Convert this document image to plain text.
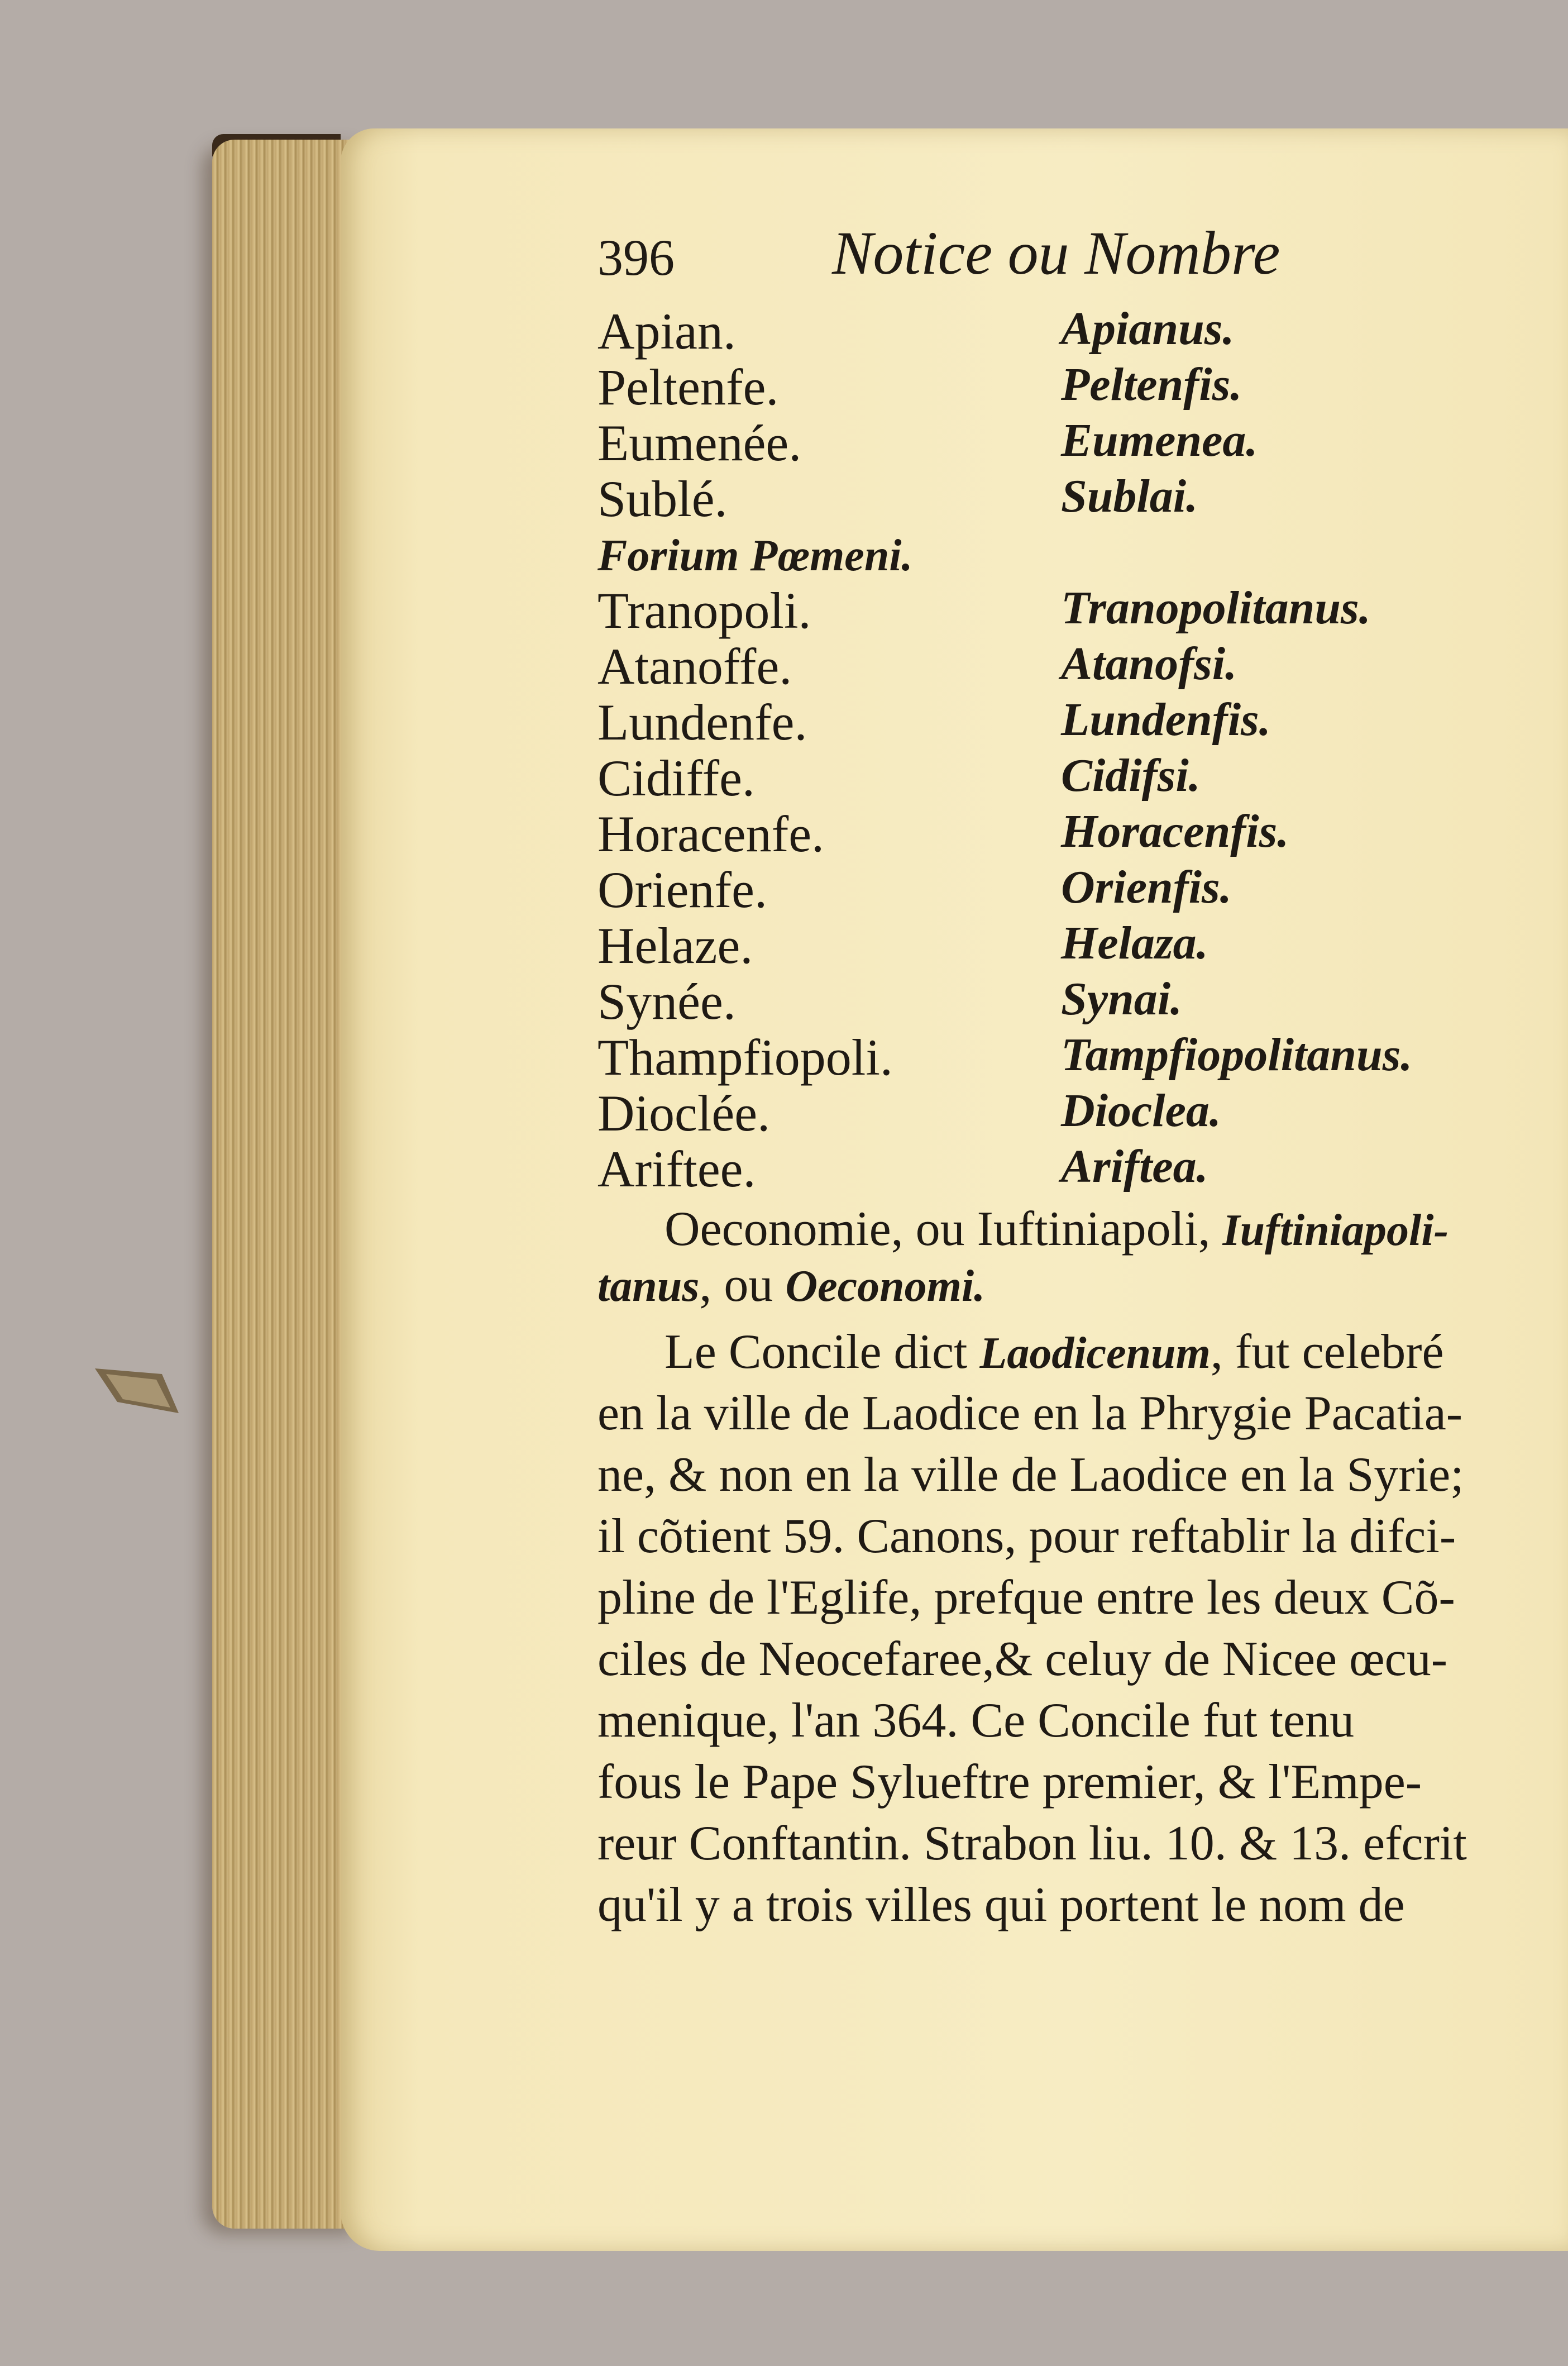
396	Notice ou Nombre
Apian.	Apianus.
Peltenfe.	Peltenfis.
Eumenée.	Eumenea.
Sublé.	Sublai.
Forium Pœmeni.
Tranopoli.	Tranopolitanus.
Atanoffe.	Atanofsi.
Lundenfe.	Lundenfis.
Cidiffe.	Cidifsi.
Horacenfe.	Horacenfis.
Orienfe.	Orienfis.
Helaze.	Helaza.
Synée.	Synai.
Thampfiopoli.	Tampfiopolitanus.
Dioclée.	Dioclea.
Ariftee.	Ariftea.
Oeconomie, ou Iuftiniapoli, Iuftiniapoli-
tanus, ou Oeconomi.
Le Concile dict Laodicenum, fut celebré
en la ville de Laodice en la Phrygie Pacatia-
ne, & non en la ville de Laodice en la Syrie;
il cõtient 59. Canons, pour reftablir la difci-
pline de l'Eglife, prefque entre les deux Cõ-
ciles de Neocefaree,& celuy de Nicee œcu-
menique, l'an 364. Ce Concile fut tenu
fous le Pape Sylueftre premier, & l'Empe-
reur Conftantin. Strabon liu. 10. & 13. efcrit
qu'il y a trois villes qui portent le nom de
